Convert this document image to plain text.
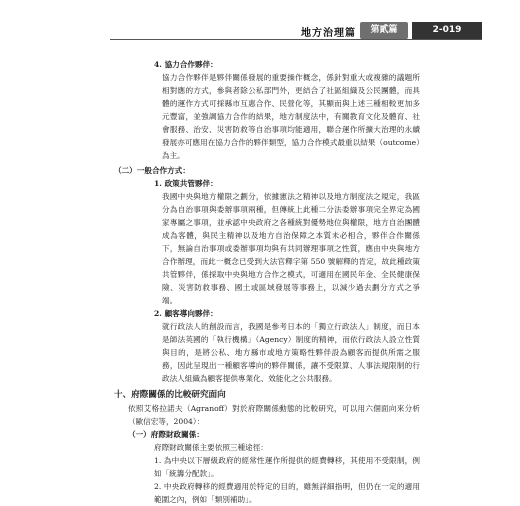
地方治理篇	第貳篇	2-019

4. 協力合作夥伴：

協力合作夥伴是夥伴關係發展的重要操作概念，係針對重大或複雜的議題所相對應的方式，參與者除公私部門外，更結合了社區組織及公民團體，而具體的運作方式可採縣市互惠合作、民營化等，其顯而與上述三種相較更加多元豐富，並強調協力合作的結果，地方制度法中，有關教育文化及體育、社會服務、治安、災害防救等自治事項均能適用，聯合運作所擴大治理的永續發展亦可應用在協力合作的夥伴類型，協力合作模式最重以結果（outcome）為主。

（二）一般合作方式：

1. 政策共管夥伴：

我國中央與地方權限之劃分，依據憲法之精神以及地方制度法之規定，我區分為自治事項與委辦事項兩種，但傳統上此種二分法委辦事項完全界定為國家專屬之事項，並承認中央政府之各種統對優勢地位與權限，地方自治團體成為客體，與民主精神以及地方自治保障之本質未必相合，夥伴合作關係下，無論自治事項或委辦事項均與有共同辦理事項之性質，應由中央與地方合作辦理，而此一概念已受到大法官釋字第 550 號解釋的肯定，故此種政策共管夥伴，係採取中央與地方合作之模式，可適用在國民年金、全民健康保險、災害防救事務、國土或區域發展等事務上，以減少過去劃分方式之爭端。

2. 顧客導向夥伴：

就行政法人的創設而言，我國是參考日本的「獨立行政法人」制度，而日本是師法英國的「執行機構」（Agency）制度的精神，而依行政法人設立性質與目的，是將公私、地方縣市或地方策略性夥伴設為顧客而提供所需之服務，因此呈現出一種顧客導向的夥伴關係，讓不受限算、人事法規限制的行政法人組織為顧客提供專業化、效能化之公共服務。

十、府際關係的比較研究面向

依照艾格拉諾夫（Agranoff）對於府際關係動態的比較研究，可以用六個面向來分析（歐信宏等，2004）：

（一）府際財政關係：

府際財政關係主要依照三種途徑：

1. 為中央以下層級政府的經常性運作所提供的經費轉移，其使用不受限制，例如「統籌分配款」。

2. 中央政府轉移的經費適用於特定的目的，雖無詳細指明，但仍在一定的適用範圍之內，例如「類別補助」。
